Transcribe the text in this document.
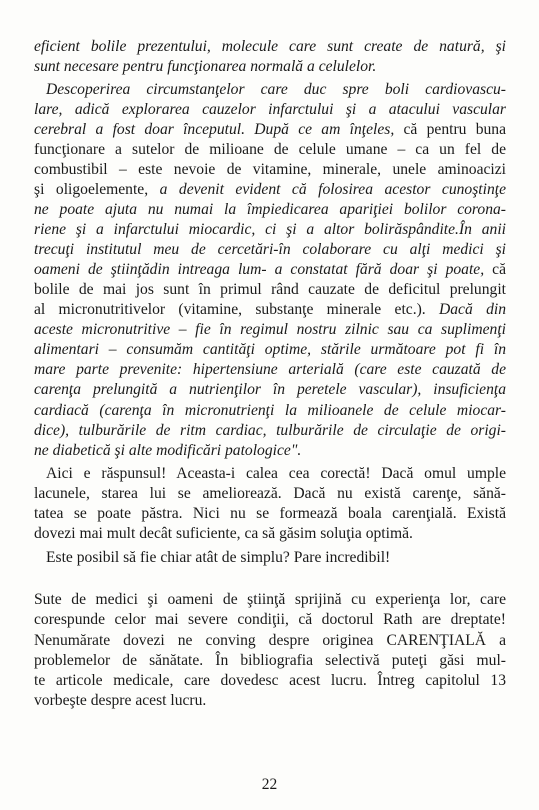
eficient bolile prezentului, molecule care sunt create de natură, şi
sunt necesare pentru funcţionarea normală a celulelor.
Descoperirea circumstanţelor care duc spre boli cardiovascu-
lare, adică explorarea cauzelor infarctului şi a atacului vascular
cerebral a fost doar începutul. După ce am înţeles, că pentru buna
funcţionare a sutelor de milioane de celule umane – ca un fel de
combustibil – este nevoie de vitamine, minerale, unele aminoacizi
şi oligoelemente, a devenit evident că folosirea acestor cunoştinţe
ne poate ajuta nu numai la împiedicarea apariţiei bolilor corona-
riene şi a infarctului miocardic, ci şi a altor bolirăspândite.În anii
trecuţi institutul meu de cercetări-în colaborare cu alţi medici şi
oameni de ştiinţădin intreaga lum- a constatat fără doar şi poate, că
bolile de mai jos sunt în primul rând cauzate de deficitul prelungit
al micronutritivelor (vitamine, substanţe minerale etc.). Dacă din
aceste micronutritive – fie în regimul nostru zilnic sau ca suplimenţi
alimentari – consumăm cantităţi optime, stările următoare pot fi în
mare parte prevenite: hipertensiune arterială (care este cauzată de
carenţa prelungită a nutrienţilor în peretele vascular), insuficienţa
cardiacă (carenţa în micronutrienţi la milioanele de celule miocar-
dice), tulburările de ritm cardiac, tulburările de circulaţie de origi-
ne diabetică şi alte modificări patologice".
Aici e răspunsul! Aceasta-i calea cea corectă! Dacă omul umple
lacunele, starea lui se ameliorează. Dacă nu există carenţe, sănă-
tatea se poate păstra. Nici nu se formează boala carenţială. Există
dovezi mai mult decât suficiente, ca să găsim soluţia optimă.
Este posibil să fie chiar atât de simplu? Pare incredibil!
Sute de medici şi oameni de ştiinţă sprijină cu experienţa lor, care
corespunde celor mai severe condiţii, că doctorul Rath are dreptate!
Nenumărate dovezi ne conving despre originea CARENŢIALĂ a
problemelor de sănătate. În bibliografia selectivă puteţi găsi mul-
te articole medicale, care dovedesc acest lucru. Întreg capitolul 13
vorbeşte despre acest lucru.
22
